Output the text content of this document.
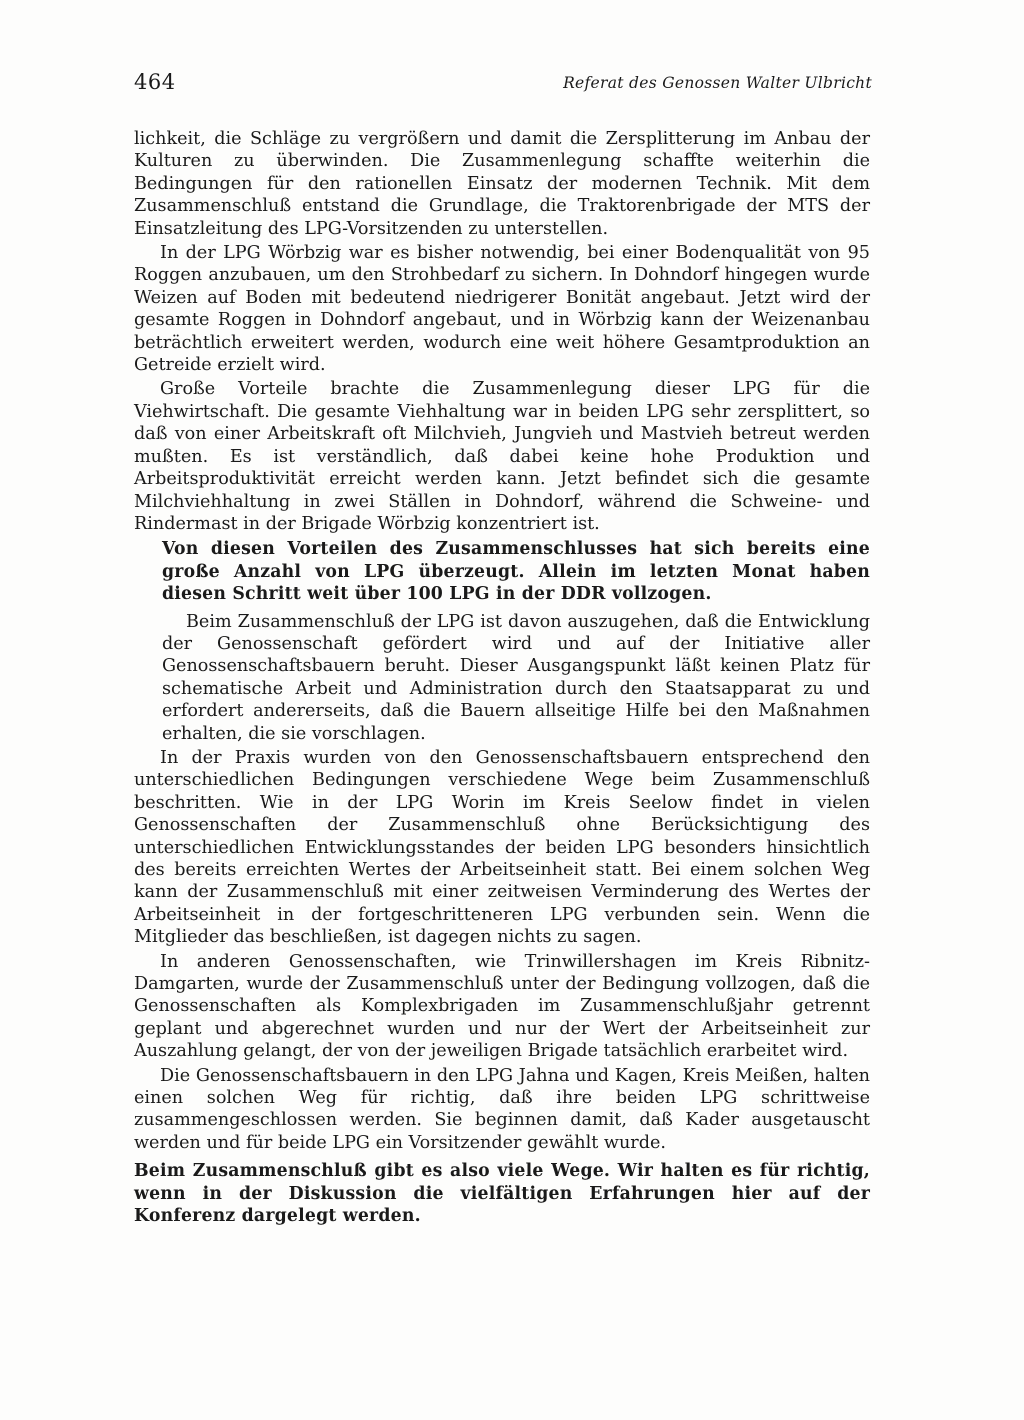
464	Referat des Genossen Walter Ulbricht

lichkeit, die Schläge zu vergrößern und damit die Zersplitterung im Anbau der Kulturen zu überwinden. Die Zusammenlegung schaffte weiterhin die Bedingungen für den rationellen Einsatz der modernen Technik. Mit dem Zusammenschluß entstand die Grundlage, die Traktorenbrigade der MTS der Einsatzleitung des LPG-Vorsitzenden zu unterstellen.

In der LPG Wörbzig war es bisher notwendig, bei einer Bodenqualität von 95 Roggen anzubauen, um den Strohbedarf zu sichern. In Dohndorf hingegen wurde Weizen auf Boden mit bedeutend niedrigerer Bonität angebaut. Jetzt wird der gesamte Roggen in Dohndorf angebaut, und in Wörbzig kann der Weizenanbau beträchtlich erweitert werden, wodurch eine weit höhere Gesamtproduktion an Getreide erzielt wird.

Große Vorteile brachte die Zusammenlegung dieser LPG für die Viehwirtschaft. Die gesamte Viehhaltung war in beiden LPG sehr zersplittert, so daß von einer Arbeitskraft oft Milchvieh, Jungvieh und Mastvieh betreut werden mußten. Es ist verständlich, daß dabei keine hohe Produktion und Arbeitsproduktivität erreicht werden kann. Jetzt befindet sich die gesamte Milchviehhaltung in zwei Ställen in Dohndorf, während die Schweine- und Rindermast in der Brigade Wörbzig konzentriert ist.

Von diesen Vorteilen des Zusammenschlusses hat sich bereits eine große Anzahl von LPG überzeugt. Allein im letzten Monat haben diesen Schritt weit über 100 LPG in der DDR vollzogen.

Beim Zusammenschluß der LPG ist davon auszugehen, daß die Entwicklung der Genossenschaft gefördert wird und auf der Initiative aller Genossenschaftsbauern beruht. Dieser Ausgangspunkt läßt keinen Platz für schematische Arbeit und Administration durch den Staatsapparat zu und erfordert andererseits, daß die Bauern allseitige Hilfe bei den Maßnahmen erhalten, die sie vorschlagen.

In der Praxis wurden von den Genossenschaftsbauern entsprechend den unterschiedlichen Bedingungen verschiedene Wege beim Zusammenschluß beschritten. Wie in der LPG Worin im Kreis Seelow findet in vielen Genossenschaften der Zusammenschluß ohne Berücksichtigung des unterschiedlichen Entwicklungsstandes der beiden LPG besonders hinsichtlich des bereits erreichten Wertes der Arbeitseinheit statt. Bei einem solchen Weg kann der Zusammenschluß mit einer zeitweisen Verminderung des Wertes der Arbeitseinheit in der fortgeschritteneren LPG verbunden sein. Wenn die Mitglieder das beschließen, ist dagegen nichts zu sagen.

In anderen Genossenschaften, wie Trinwillershagen im Kreis Ribnitz-Damgarten, wurde der Zusammenschluß unter der Bedingung vollzogen, daß die Genossenschaften als Komplexbrigaden im Zusammenschlußjahr getrennt geplant und abgerechnet wurden und nur der Wert der Arbeitseinheit zur Auszahlung gelangt, der von der jeweiligen Brigade tatsächlich erarbeitet wird.

Die Genossenschaftsbauern in den LPG Jahna und Kagen, Kreis Meißen, halten einen solchen Weg für richtig, daß ihre beiden LPG schrittweise zusammengeschlossen werden. Sie beginnen damit, daß Kader ausgetauscht werden und für beide LPG ein Vorsitzender gewählt wurde.

Beim Zusammenschluß gibt es also viele Wege. Wir halten es für richtig, wenn in der Diskussion die vielfältigen Erfahrungen hier auf der Konferenz dargelegt werden.
